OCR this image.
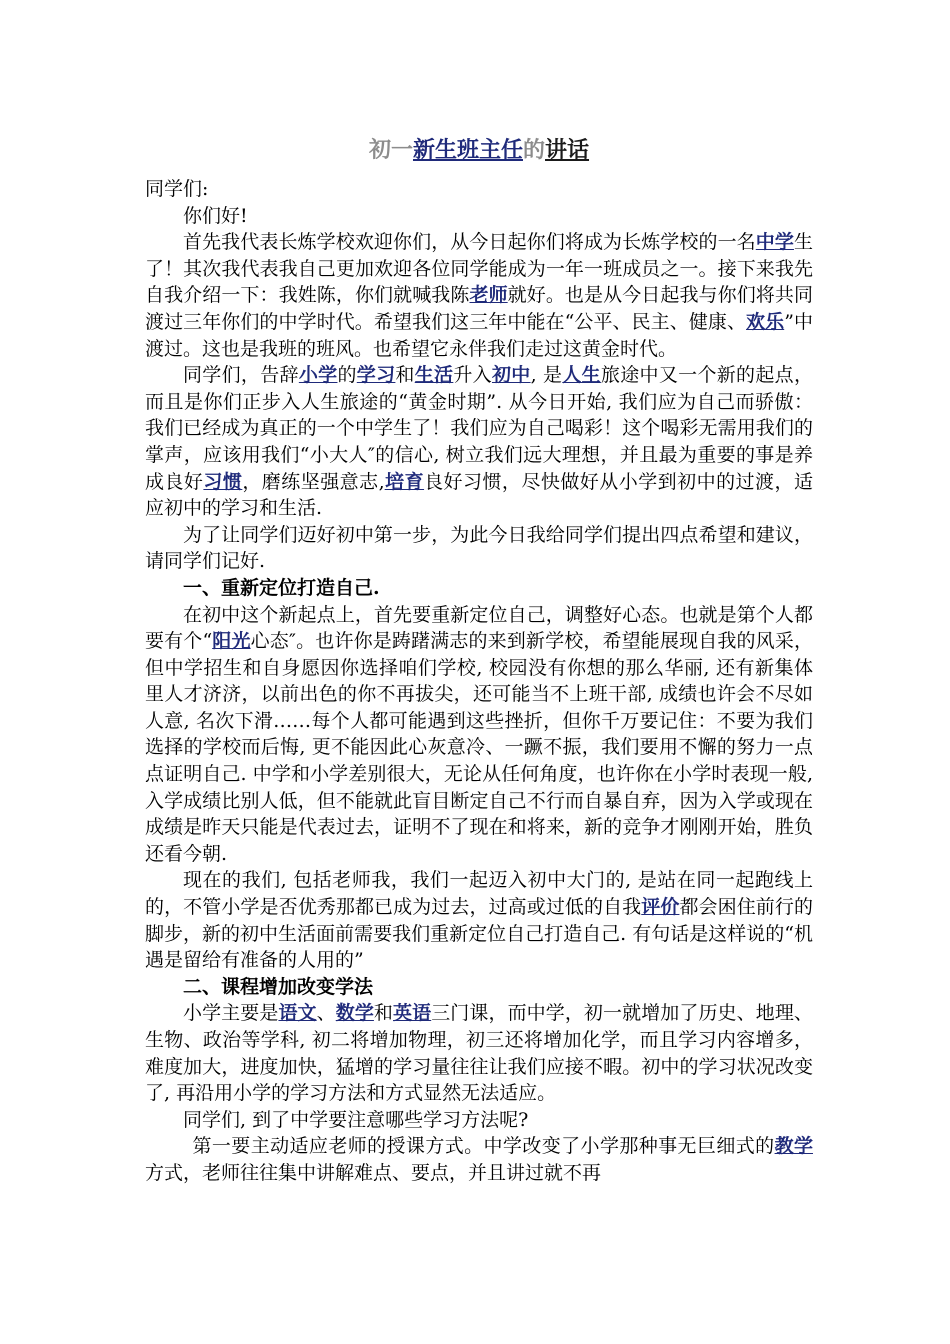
初一新生班主任的讲话

同学们:

你们好!

首先我代表长炼学校欢迎你们，从今日起你们将成为长炼学校的一名中学生了！其次我代表我自己更加欢迎各位同学能成为一年一班成员之一。接下来我先自我介绍一下：我姓陈，你们就喊我陈老师就好。也是从今日起我与你们将共同渡过三年你们的中学时代。希望我们这三年中能在“公平、民主、健康、欢乐”中渡过。这也是我班的班风。也希望它永伴我们走过这黄金时代。

同学们，告辞小学的学习和生活升入初中, 是人生旅途中又一个新的起点，而且是你们正步入人生旅途的“黄金时期”. 从今日开始, 我们应为自己而骄傲：我们已经成为真正的一个中学生了！我们应为自己喝彩！这个喝彩无需用我们的掌声，应该用我们“小大人″的信心, 树立我们远大理想，并且最为重要的事是养成良好习惯，磨练坚强意志,培育良好习惯，尽快做好从小学到初中的过渡，适应初中的学习和生活.

为了让同学们迈好初中第一步，为此今日我给同学们提出四点希望和建议，请同学们记好.

一、重新定位打造自己.

在初中这个新起点上，首先要重新定位自己，调整好心态。也就是第个人都要有个“阳光心态″。也许你是踌躇满志的来到新学校，希望能展现自我的风采，但中学招生和自身愿因你选择咱们学校, 校园没有你想的那么华丽, 还有新集体里人才济济，以前出色的你不再拔尖，还可能当不上班干部, 成绩也许会不尽如人意, 名次下滑……每个人都可能遇到这些挫折，但你千万要记住：不要为我们选择的学校而后悔, 更不能因此心灰意冷、一蹶不振，我们要用不懈的努力一点点证明自己. 中学和小学差别很大，无论从任何角度，也许你在小学时表现一般, 入学成绩比别人低，但不能就此盲目断定自己不行而自暴自弃，因为入学或现在成绩是昨天只能是代表过去，证明不了现在和将来，新的竞争才刚刚开始，胜负还看今朝.

现在的我们, 包括老师我，我们一起迈入初中大门的, 是站在同一起跑线上的，不管小学是否优秀那都已成为过去，过高或过低的自我评价都会困住前行的脚步，新的初中生活面前需要我们重新定位自己打造自己. 有句话是这样说的“机遇是留给有准备的人用的”

二、课程增加改变学法

小学主要是语文、数学和英语三门课，而中学，初一就增加了历史、地理、生物、政治等学科, 初二将增加物理，初三还将增加化学，而且学习内容增多，难度加大，进度加快，猛增的学习量往往让我们应接不暇。初中的学习状况改变了, 再沿用小学的学习方法和方式显然无法适应。

同学们, 到了中学要注意哪些学习方法呢?

第一要主动适应老师的授课方式。中学改变了小学那种事无巨细式的教学方式，老师往往集中讲解难点、要点，并且讲过就不再
